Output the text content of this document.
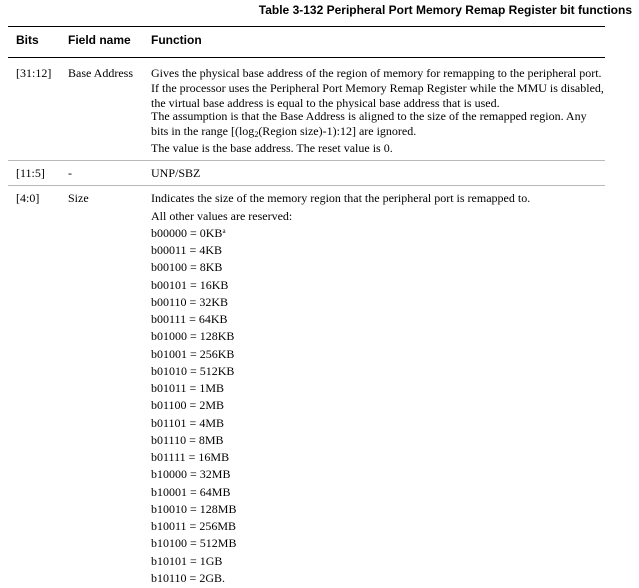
Table 3-132 Peripheral Port Memory Remap Register bit functions
Bits Field name Function
[31:12] Base Address Gives the physical base address of the region of memory for remapping to the peripheral port.
If the processor uses the Peripheral Port Memory Remap Register while the MMU is disabled,
the virtual base address is equal to the physical base address that is used.
The assumption is that the Base Address is aligned to the size of the remapped region. Any
bits in the range [($\log_2(Region$ size)-1):12] are ignored.
The value is the base address. The reset value is 0.
[11:5] -	UNP/SBZ
[4:0] Size	Indicates the size of the memory region that the peripheral port is remapped to.
All other values are reserved:
$b00000 = 0KB^a$
b00011 = 4KB
b00100 = 8KB
b00101 = 16KB
b00110 = 32KB
b00111 = 64KB
b01000 = 128KB
b01001 = 256KB
b01010 = 512KB
b01011 = 1MB
b01100 = 2MB
b01101 = 4MB
b01110 = 8MB
b01111 = 16MB
b10000 = 32MB
b10001 = 64MB
b10010 = 128MB
b10011 = 256MB
b10100 = 512MB
b10101 = 1GB
b10110 = 2GB.
